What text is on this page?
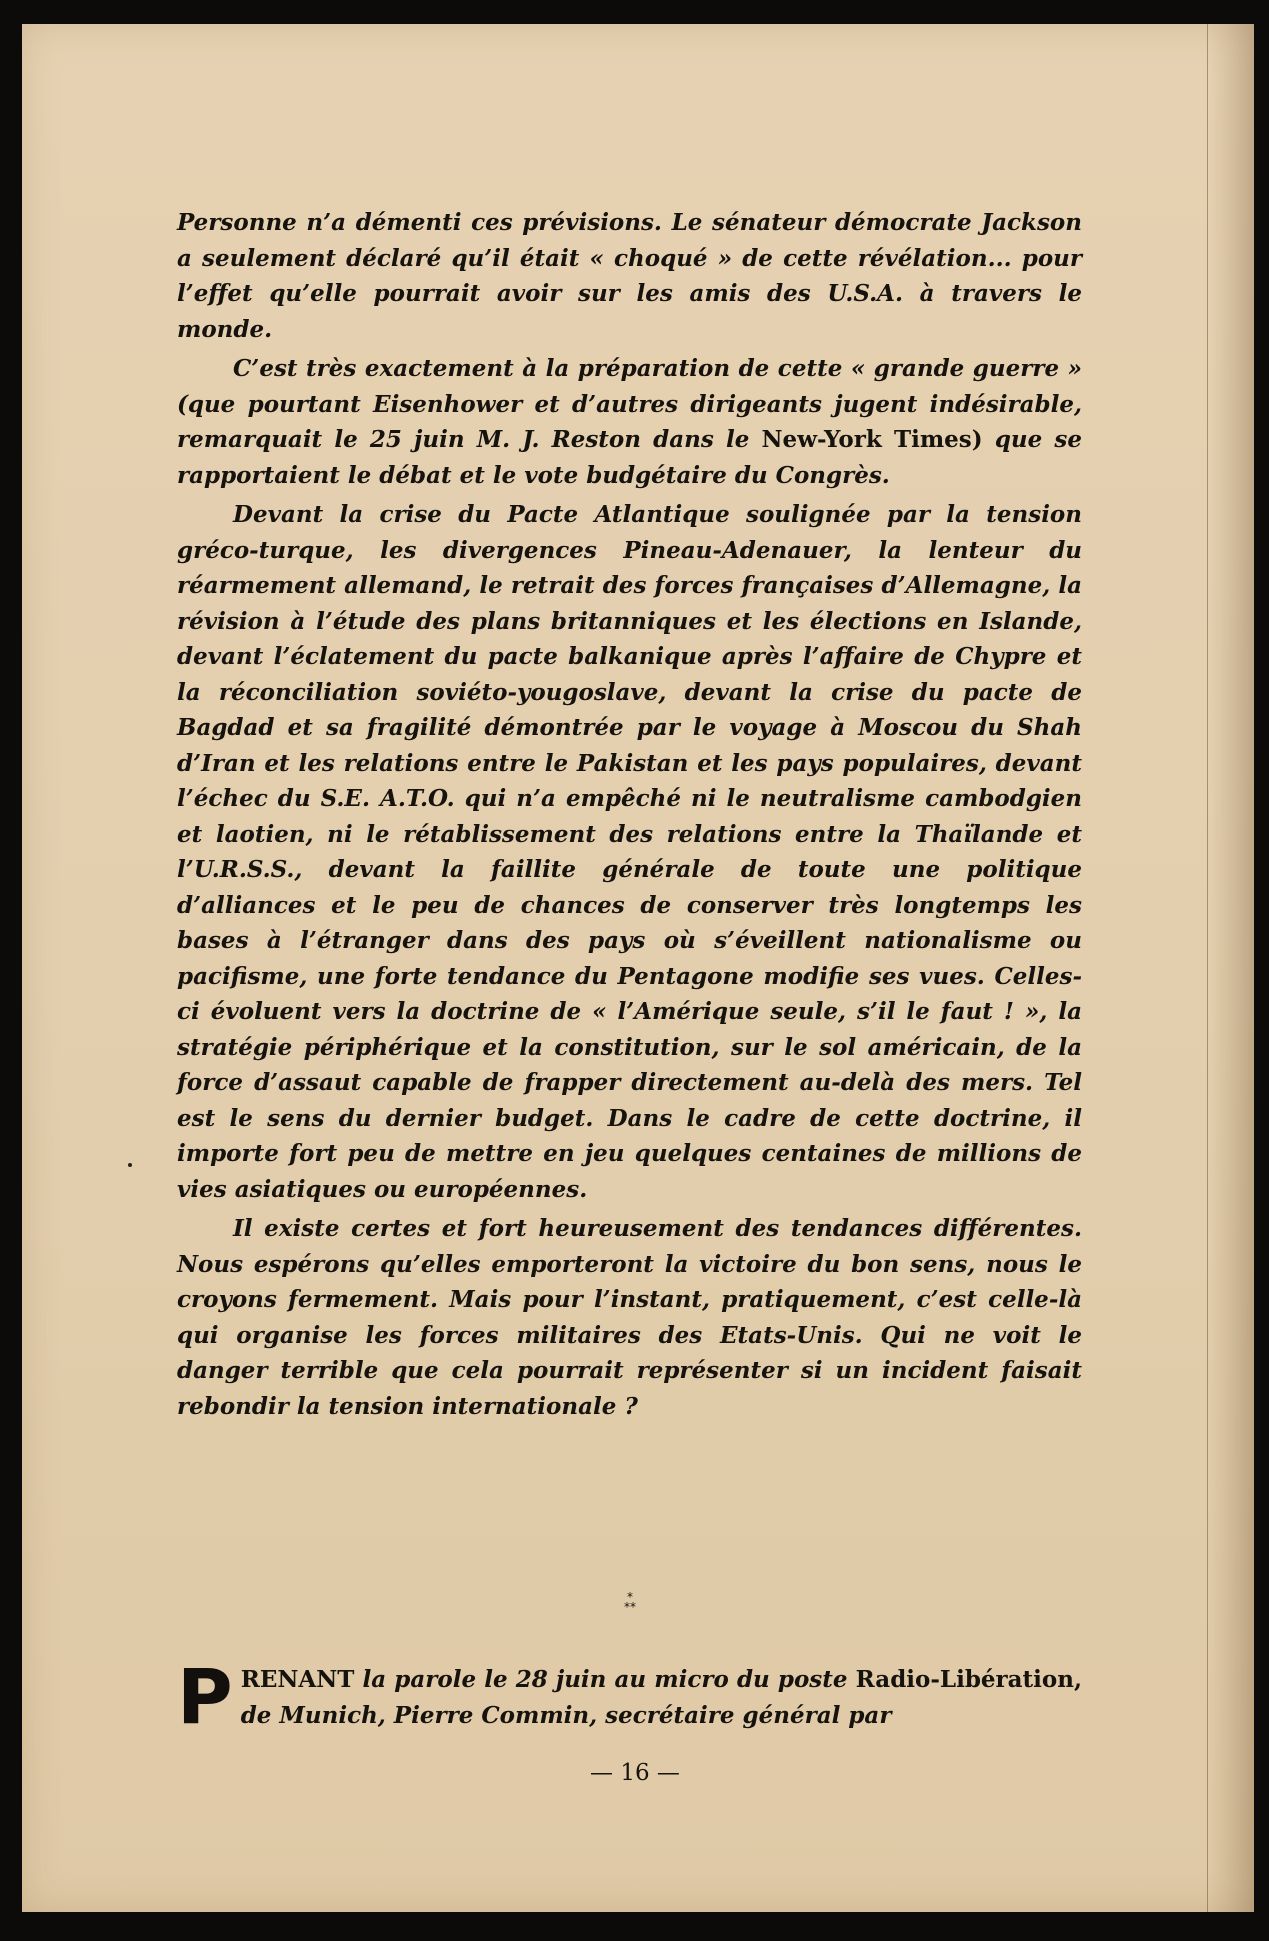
Personne n’a démenti ces prévisions. Le sénateur démocrate Jackson a seulement déclaré qu’il était « choqué » de cette révélation... pour l’effet qu’elle pourrait avoir sur les amis des U.S.A. à travers le monde.

C’est très exactement à la préparation de cette « grande guerre » (que pourtant Eisenhower et d’autres dirigeants jugent indésirable, remarquait le 25 juin M. J. Reston dans le New-York Times) que se rapportaient le débat et le vote budgétaire du Congrès.

Devant la crise du Pacte Atlantique soulignée par la tension gréco-turque, les divergences Pineau-Adenauer, la lenteur du réarmement allemand, le retrait des forces françaises d’Allemagne, la révision à l’étude des plans britanniques et les élections en Islande, devant l’éclatement du pacte balkanique après l’affaire de Chypre et la réconciliation soviéto-yougoslave, devant la crise du pacte de Bagdad et sa fragilité démontrée par le voyage à Moscou du Shah d’Iran et les relations entre le Pakistan et les pays populaires, devant l’échec du S.E. A.T.O. qui n’a empêché ni le neutralisme cambodgien et laotien, ni le rétablissement des relations entre la Thaïlande et l’U.R.S.S., devant la faillite générale de toute une politique d’alliances et le peu de chances de conserver très longtemps les bases à l’étranger dans des pays où s’éveillent nationalisme ou pacifisme, une forte tendance du Pentagone modifie ses vues. Celles-ci évoluent vers la doctrine de « l’Amérique seule, s’il le faut ! », la stratégie périphérique et la constitution, sur le sol américain, de la force d’assaut capable de frapper directement au-delà des mers. Tel est le sens du dernier budget. Dans le cadre de cette doctrine, il importe fort peu de mettre en jeu quelques centaines de millions de vies asiatiques ou européennes.

Il existe certes et fort heureusement des tendances différentes. Nous espérons qu’elles emporteront la victoire du bon sens, nous le croyons fermement. Mais pour l’instant, pratiquement, c’est celle-là qui organise les forces militaires des Etats-Unis. Qui ne voit le danger terrible que cela pourrait représenter si un incident faisait rebondir la tension internationale ?

*
**
P RENANT la parole le 28 juin au micro du poste Radio-Libération, de Munich, Pierre Commin, secrétaire général par
— 16 —
